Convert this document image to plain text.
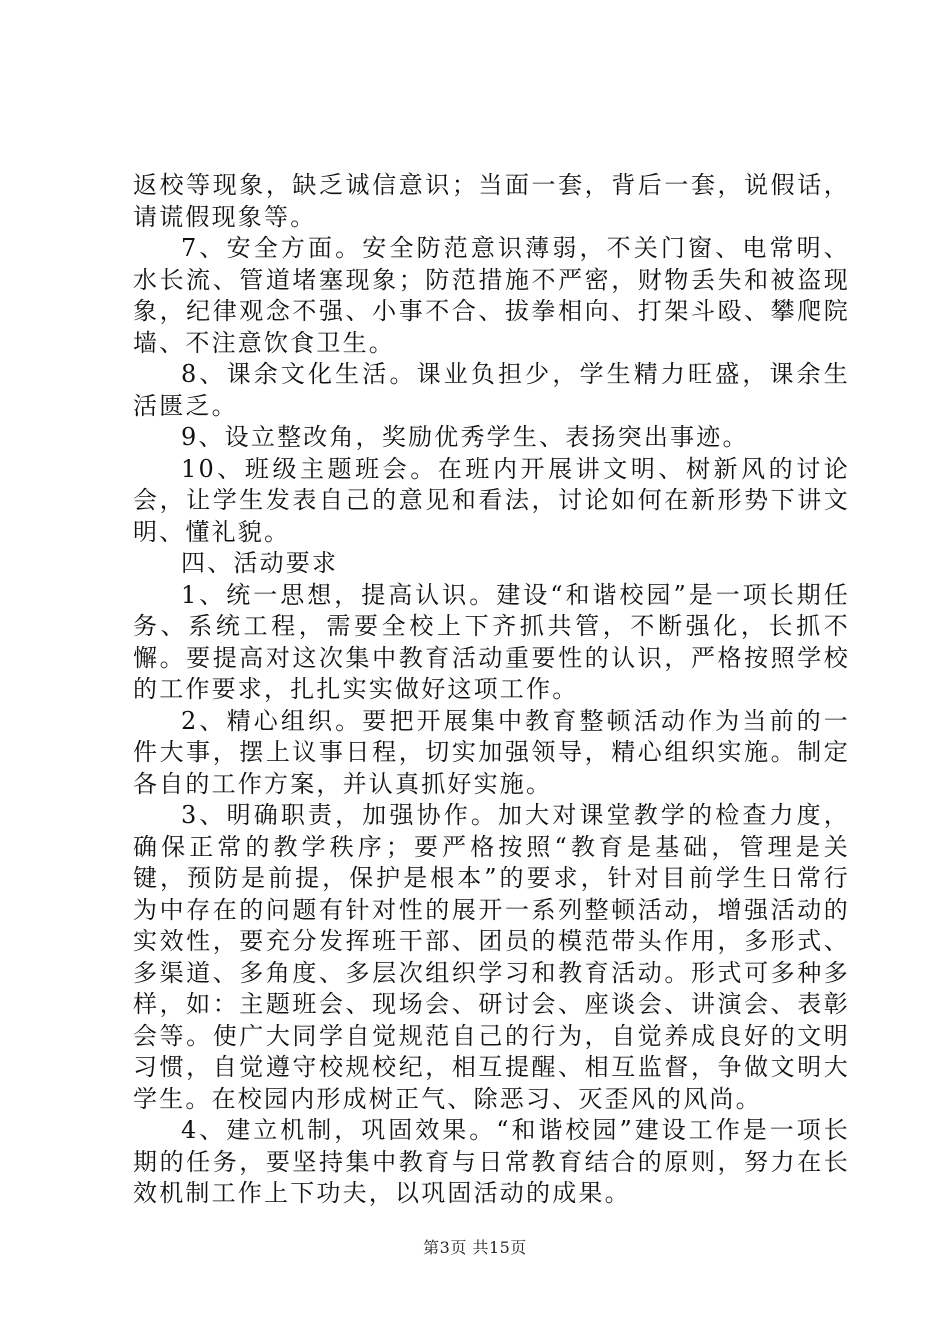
返校等现象，缺乏诚信意识；当面一套，背后一套，说假话，请谎假现象等。

7、安全方面。安全防范意识薄弱，不关门窗、电常明、水长流、管道堵塞现象；防范措施不严密，财物丢失和被盗现象，纪律观念不强、小事不合、拔拳相向、打架斗殴、攀爬院墙、不注意饮食卫生。

8、课余文化生活。课业负担少，学生精力旺盛，课余生活匮乏。

9、设立整改角，奖励优秀学生、表扬突出事迹。

10、班级主题班会。在班内开展讲文明、树新风的讨论会，让学生发表自己的意见和看法，讨论如何在新形势下讲文明、懂礼貌。

四、活动要求

1、统一思想，提高认识。建设“和谐校园”是一项长期任务、系统工程，需要全校上下齐抓共管，不断强化，长抓不懈。要提高对这次集中教育活动重要性的认识，严格按照学校的工作要求，扎扎实实做好这项工作。

2、精心组织。要把开展集中教育整顿活动作为当前的一件大事，摆上议事日程，切实加强领导，精心组织实施。制定各自的工作方案，并认真抓好实施。

3、明确职责，加强协作。加大对课堂教学的检查力度，确保正常的教学秩序；要严格按照“教育是基础，管理是关键，预防是前提，保护是根本”的要求，针对目前学生日常行为中存在的问题有针对性的展开一系列整顿活动，增强活动的实效性，要充分发挥班干部、团员的模范带头作用，多形式、多渠道、多角度、多层次组织学习和教育活动。形式可多种多样，如：主题班会、现场会、研讨会、座谈会、讲演会、表彰会等。使广大同学自觉规范自己的行为，自觉养成良好的文明习惯，自觉遵守校规校纪，相互提醒、相互监督，争做文明大学生。在校园内形成树正气、除恶习、灭歪风的风尚。

4、建立机制，巩固效果。“和谐校园”建设工作是一项长期的任务，要坚持集中教育与日常教育结合的原则，努力在长效机制工作上下功夫，以巩固活动的成果。

第3页 共15页
